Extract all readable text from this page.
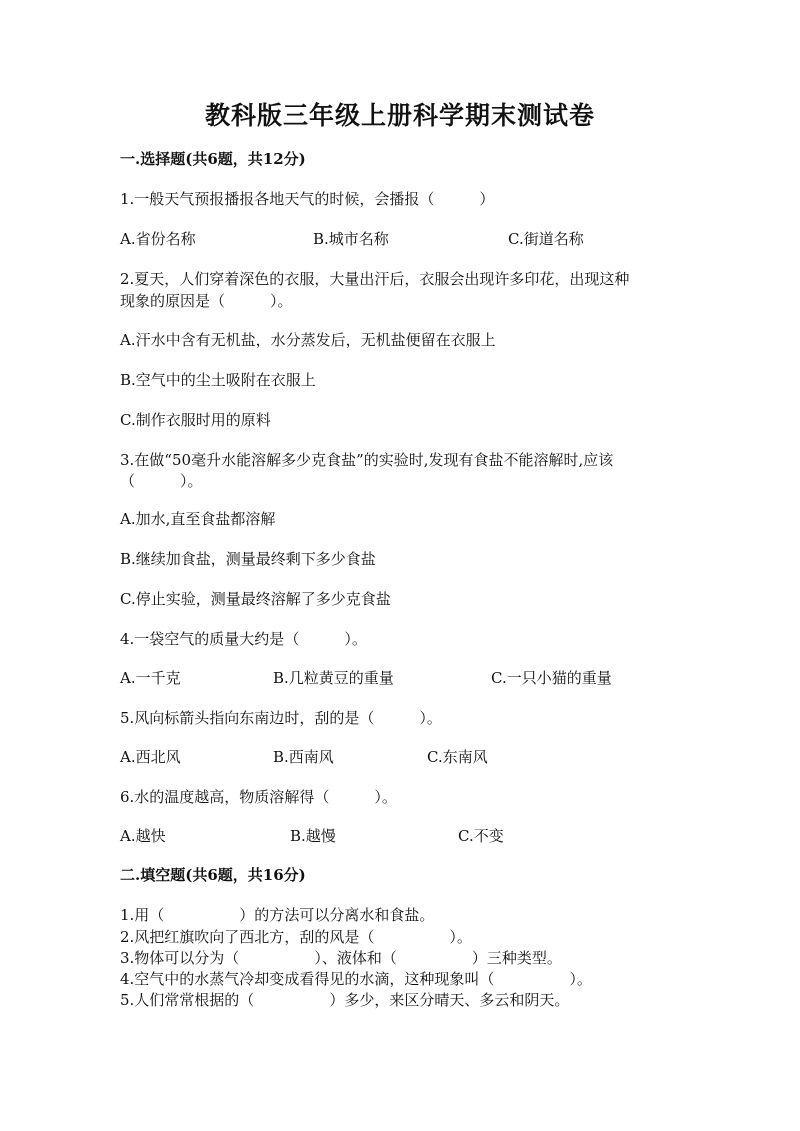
教科版三年级上册科学期末测试卷
一.选择题(共6题，共12分)
1.一般天气预报播报各地天气的时候，会播报（　　　）
A.省份名称	B.城市名称	C.街道名称
2.夏天，人们穿着深色的衣服，大量出汗后，衣服会出现许多印花，出现这种
现象的原因是（　　　）。
A.汗水中含有无机盐，水分蒸发后，无机盐便留在衣服上
B.空气中的尘土吸附在衣服上
C.制作衣服时用的原料
3.在做“50毫升水能溶解多少克食盐”的实验时,发现有食盐不能溶解时,应该
（　　　）。
A.加水,直至食盐都溶解
B.继续加食盐，测量最终剩下多少食盐
C.停止实验，测量最终溶解了多少克食盐
4.一袋空气的质量大约是（　　　）。
A.一千克	B.几粒黄豆的重量	C.一只小猫的重量
5.风向标箭头指向东南边时，刮的是（　　　）。
A.西北风	B.西南风	C.东南风
6.水的温度越高，物质溶解得（　　　）。
A.越快	B.越慢	C.不变
二.填空题(共6题，共16分)
1.用（　　　　　）的方法可以分离水和食盐。
2.风把红旗吹向了西北方，刮的风是（　　　　　）。
3.物体可以分为（　　　　　）、液体和（　　　　　）三种类型。
4.空气中的水蒸气冷却变成看得见的水滴，这种现象叫（　　　　　）。
5.人们常常根据的（　　　　　）多少，来区分晴天、多云和阴天。
